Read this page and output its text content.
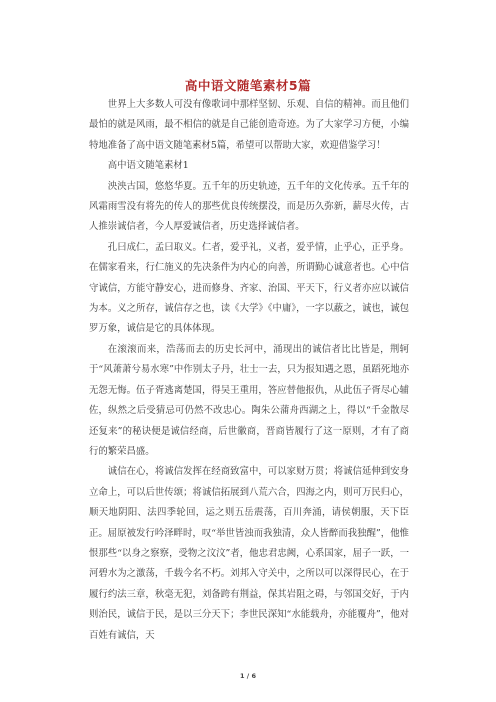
高中语文随笔素材5篇

世界上大多数人可没有像歌词中那样坚韧、乐观、自信的精神。而且他们最怕的就是风雨，最不相信的就是自己能创造奇迹。为了大家学习方便，小编特地准备了高中语文随笔素材5篇，希望可以帮助大家，欢迎借鉴学习！

高中语文随笔素材1

泱泱古国，悠悠华夏。五千年的历史轨迹，五千年的文化传承。五千年的风霜雨雪没有将先的传人的那些优良传统摆没，而是历久弥新，薪尽火传，古人推崇诚信者，今人厚爱诚信者，历史选择诚信者。

孔曰成仁，孟曰取义。仁者，爱乎礼，义者，爱乎情，止乎心，正乎身。在儒家看来，行仁施义的先决条件为内心的向善，所谓勤心诚意者也。心中信守诚信，方能守静安心，进而修身、齐家、治国、平天下，行义者亦应以诚信为本。义之所存，诚信存之也，读《大学》《中庸》，一字以蔽之，诚也，诚包罗万象，诚信是它的具体体现。

在滚滚而来，浩荡而去的历史长河中，涌现出的诚信者比比皆是，荆轲于“风萧萧兮易水寒”中作别太子丹，壮士一去，只为报知遇之恩，虽蹈死地亦无怨无悔。伍子胥逃离楚国，得吴王重用，答应替他报仇，从此伍子胥尽心辅佐，纵然之后受猜忌可仍然不改忠心。陶朱公蒲舟西湖之上，得以“千金散尽还复来”的秘诀便是诚信经商，后世徽商，晋商皆履行了这一原则，才有了商行的繁荣昌盛。

诚信在心，将诚信发挥在经商致富中，可以家财万贯；将诚信延伸到安身立命上，可以后世传颂；将诚信拓展到八荒六合，四海之内，则可万民归心，顺天地阴阳、法四季轮回，运之则五岳震荡，百川奔涌，请侯朝服，天下臣正。屈原被发行吟泽畔时，叹“举世皆浊而我独清，众人皆醉而我独醒”，他惟恨那些“以身之察察，受物之汶汶”者，他忠君忠阙，心系国家，屈子一跃，一河碧水为之激荡，千载今名不朽。刘邦入守关中，之所以可以深得民心，在于履行约法三章，秋毫无犯，刘备跨有荆益，保其岩阻之碍，与邻国交好，于内则治民，诚信于民，是以三分天下；李世民深知“水能载舟，亦能覆舟”，他对百姓有诚信，天

1 / 6
